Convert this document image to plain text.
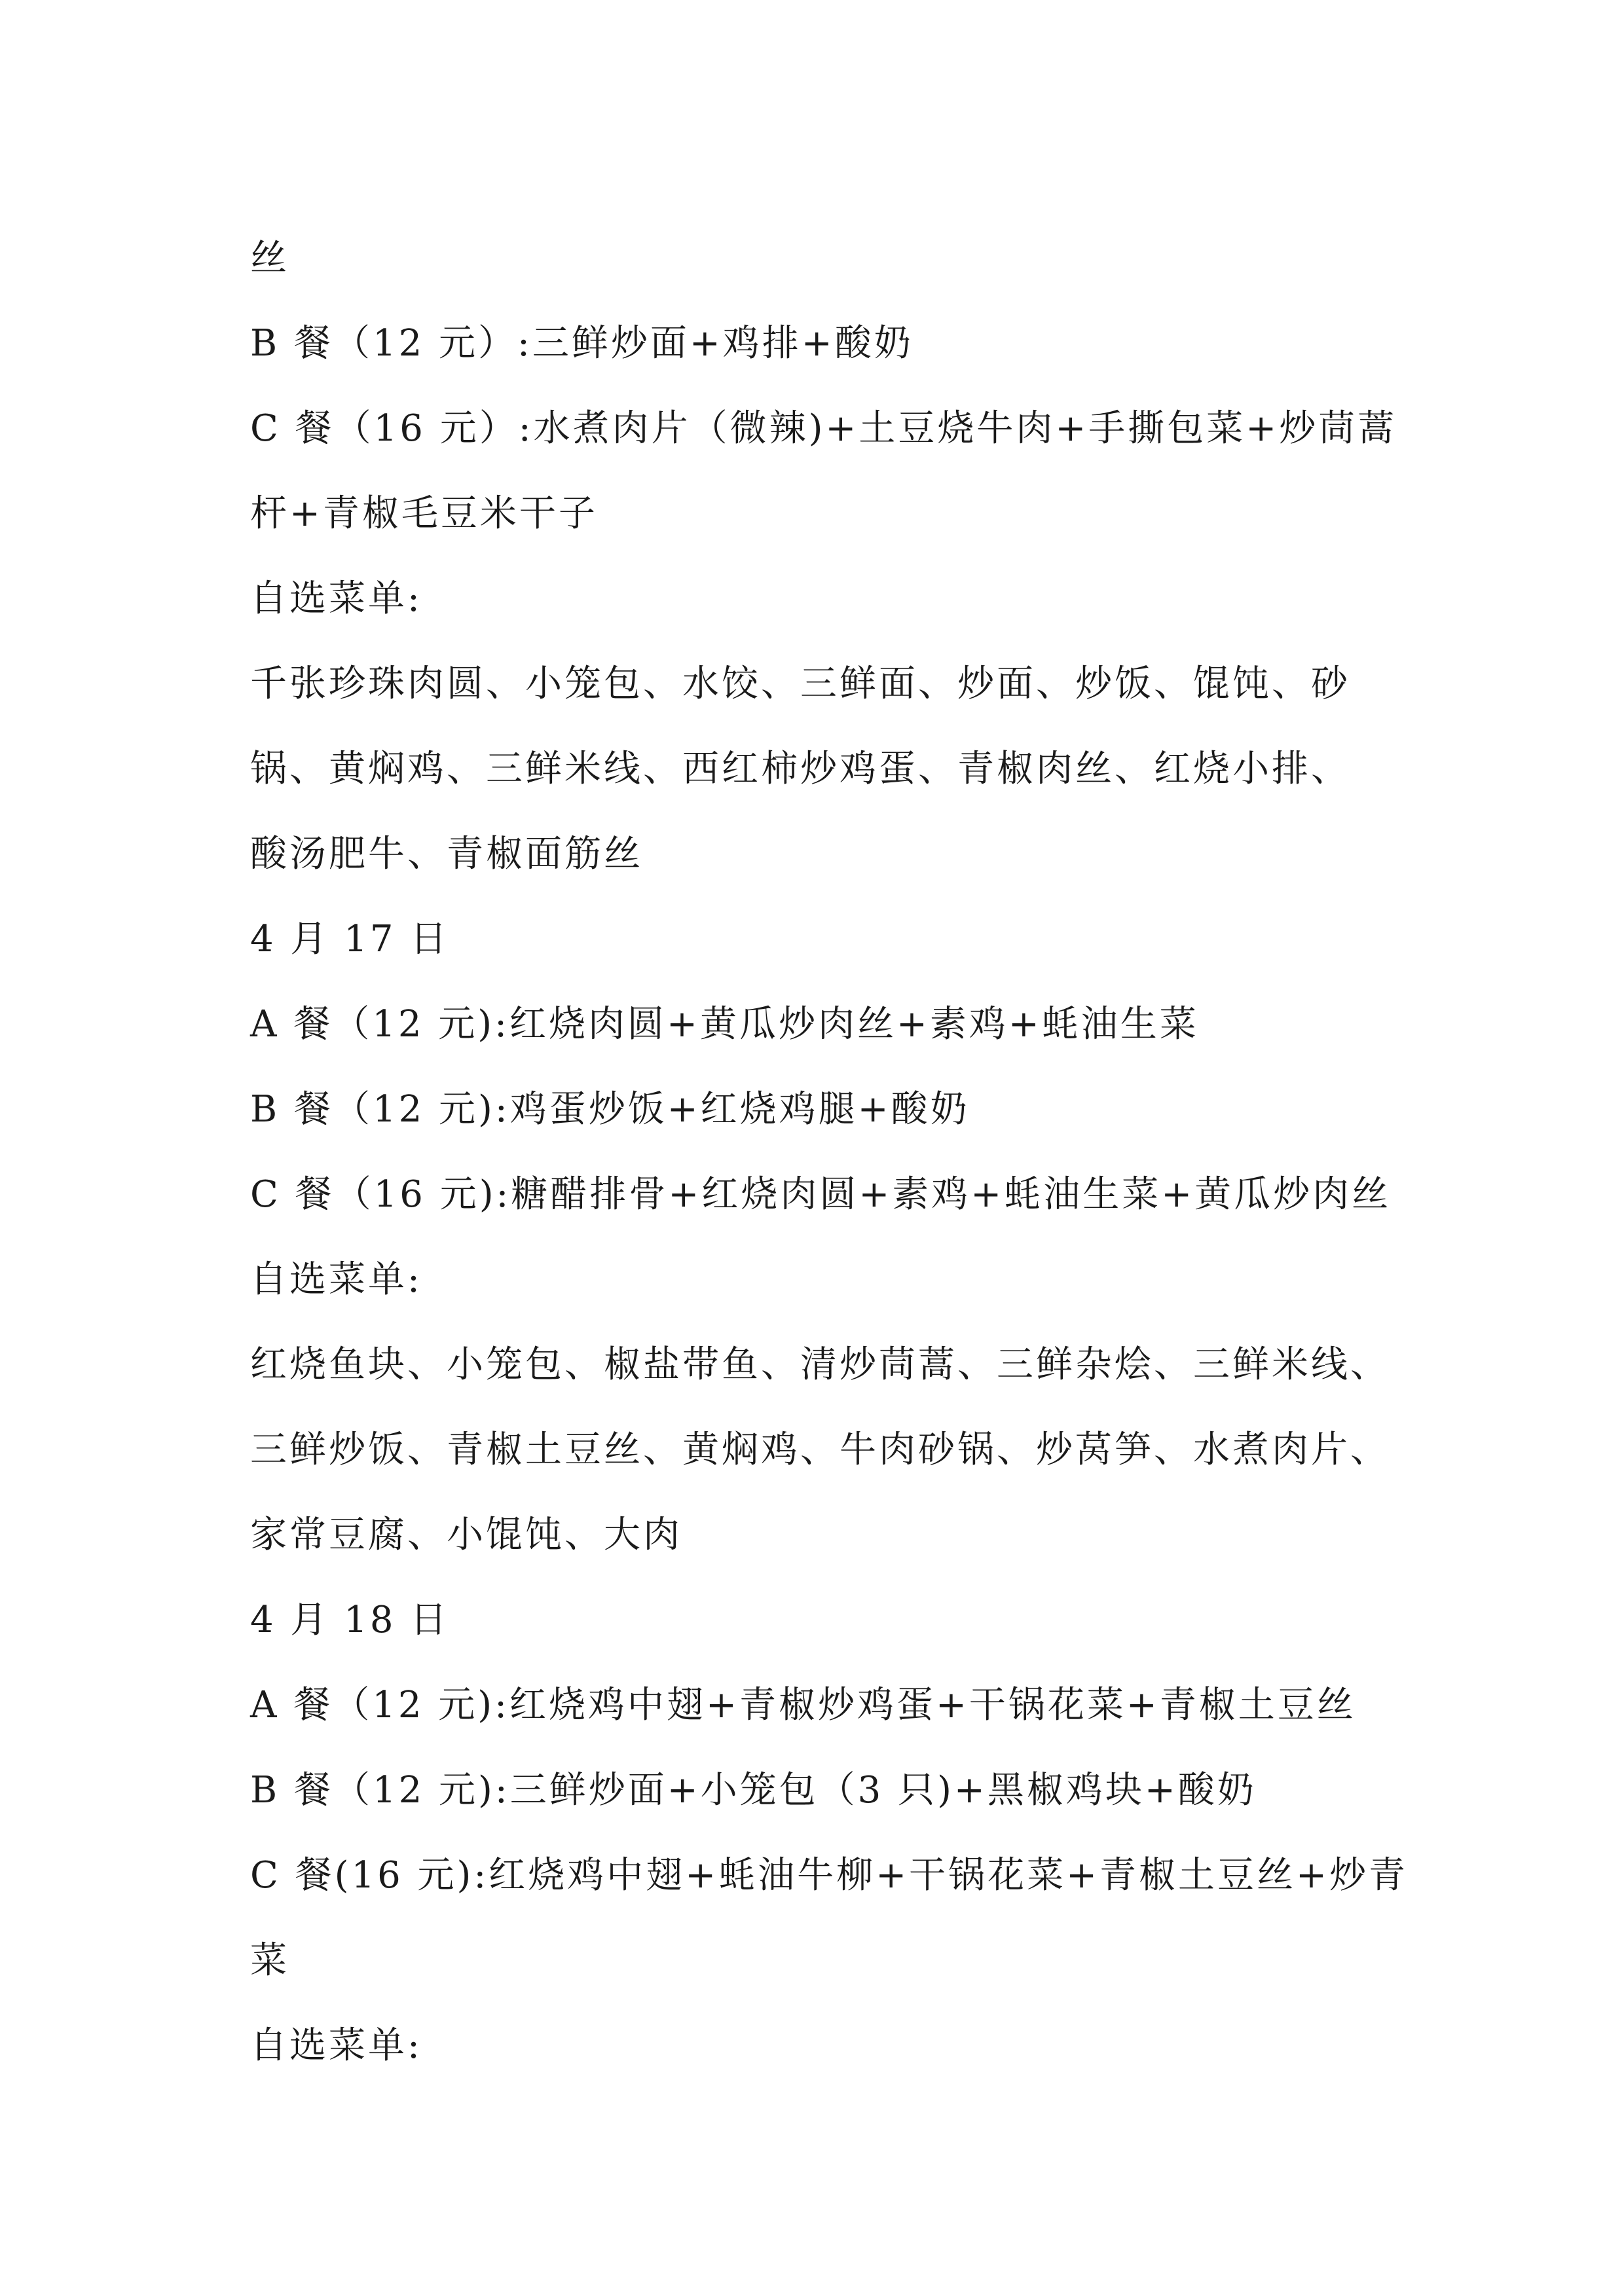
丝
B 餐（12 元）:三鲜炒面+鸡排+酸奶
C 餐（16 元）:水煮肉片（微辣)+土豆烧牛肉+手撕包菜+炒茼蒿
杆+青椒毛豆米干子
自选菜单:
千张珍珠肉圆、小笼包、水饺、三鲜面、炒面、炒饭、馄饨、砂
锅、黄焖鸡、三鲜米线、西红柿炒鸡蛋、青椒肉丝、红烧小排、
酸汤肥牛、青椒面筋丝
4 月 17 日
A 餐（12 元):红烧肉圆+黄瓜炒肉丝+素鸡+蚝油生菜
B 餐（12 元):鸡蛋炒饭+红烧鸡腿+酸奶
C 餐（16 元):糖醋排骨+红烧肉圆+素鸡+蚝油生菜+黄瓜炒肉丝
自选菜单:
红烧鱼块、小笼包、椒盐带鱼、清炒茼蒿、三鲜杂烩、三鲜米线、
三鲜炒饭、青椒土豆丝、黄焖鸡、牛肉砂锅、炒莴笋、水煮肉片、
家常豆腐、小馄饨、大肉
4 月 18 日
A 餐（12 元):红烧鸡中翅+青椒炒鸡蛋+干锅花菜+青椒土豆丝
B 餐（12 元):三鲜炒面+小笼包（3 只)+黑椒鸡块+酸奶
C 餐(16 元):红烧鸡中翅+蚝油牛柳+干锅花菜+青椒土豆丝+炒青
菜
自选菜单:
